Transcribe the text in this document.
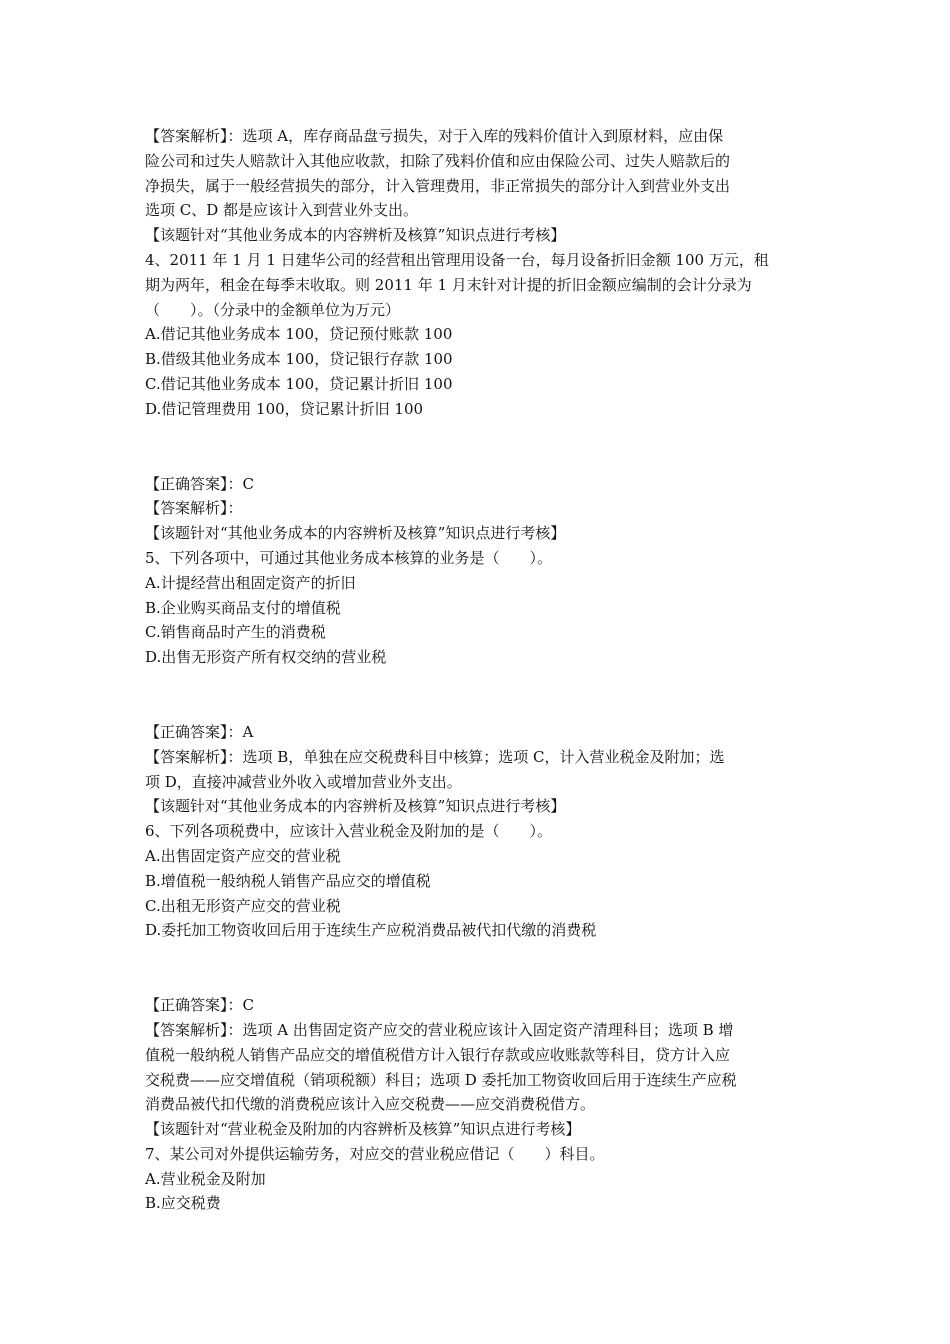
【答案解析】：选项 A，库存商品盘亏损失，对于入库的残料价值计入到原材料，应由保
险公司和过失人赔款计入其他应收款，扣除了残料价值和应由保险公司、过失人赔款后的
净损失，属于一般经营损失的部分，计入管理费用，非正常损失的部分计入到营业外支出
选项 C、D 都是应该计入到营业外支出。
【该题针对“其他业务成本的内容辨析及核算”知识点进行考核】
4、2011 年 1 月 1 日建华公司的经营租出管理用设备一台，每月设备折旧金额 100 万元，租
期为两年，租金在每季末收取。则 2011 年 1 月末针对计提的折旧金额应编制的会计分录为
（　　）。（分录中的金额单位为万元）
A.借记其他业务成本 100，贷记预付账款 100
B.借级其他业务成本 100，贷记银行存款 100
C.借记其他业务成本 100，贷记累计折旧 100
D.借记管理费用 100，贷记累计折旧 100
【正确答案】：C
【答案解析】：
【该题针对“其他业务成本的内容辨析及核算”知识点进行考核】
5、下列各项中，可通过其他业务成本核算的业务是（　　）。
A.计提经营出租固定资产的折旧
B.企业购买商品支付的增值税
C.销售商品时产生的消费税
D.出售无形资产所有权交纳的营业税
【正确答案】：A
【答案解析】：选项 B，单独在应交税费科目中核算；选项 C，计入营业税金及附加；选
项 D，直接冲减营业外收入或增加营业外支出。
【该题针对“其他业务成本的内容辨析及核算”知识点进行考核】
6、下列各项税费中，应该计入营业税金及附加的是（　　）。
A.出售固定资产应交的营业税
B.增值税一般纳税人销售产品应交的增值税
C.出租无形资产应交的营业税
D.委托加工物资收回后用于连续生产应税消费品被代扣代缴的消费税
【正确答案】：C
【答案解析】：选项 A 出售固定资产应交的营业税应该计入固定资产清理科目；选项 B 增
值税一般纳税人销售产品应交的增值税借方计入银行存款或应收账款等科目，贷方计入应
交税费——应交增值税（销项税额）科目；选项 D 委托加工物资收回后用于连续生产应税
消费品被代扣代缴的消费税应该计入应交税费——应交消费税借方。
【该题针对“营业税金及附加的内容辨析及核算”知识点进行考核】
7、某公司对外提供运输劳务，对应交的营业税应借记（　　）科目。
A.营业税金及附加
B.应交税费
